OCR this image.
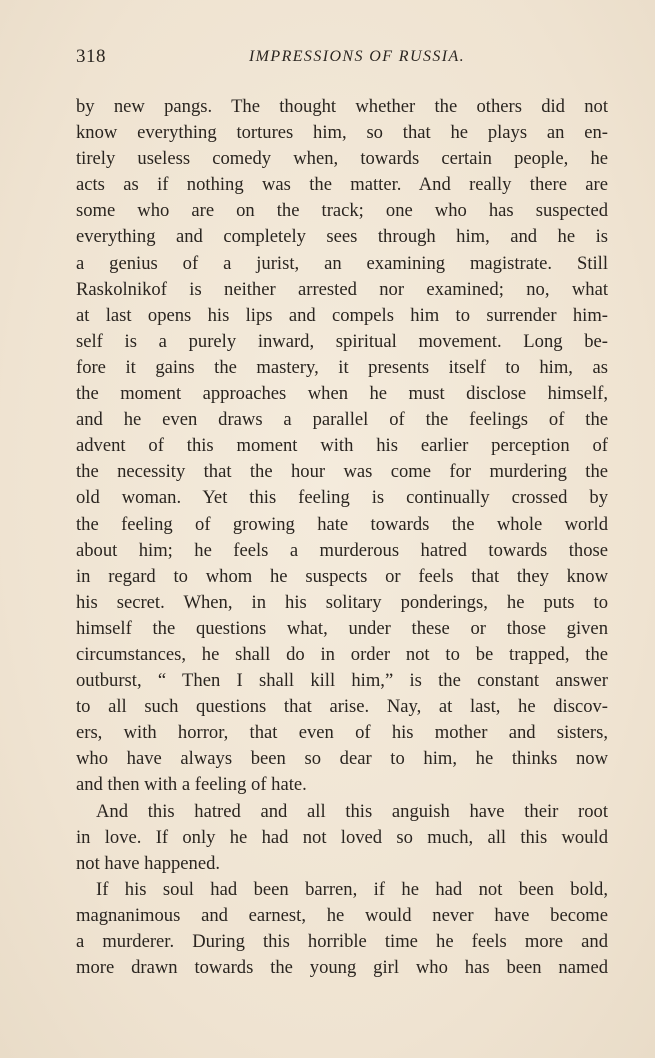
318	IMPRESSIONS OF RUSSIA.
by new pangs. The thought whether the others did not
know everything tortures him, so that he plays an en-
tirely useless comedy when, towards certain people, he
acts as if nothing was the matter. And really there are
some who are on the track; one who has suspected
everything and completely sees through him, and he is
a genius of a jurist, an examining magistrate. Still
Raskolnikof is neither arrested nor examined; no, what
at last opens his lips and compels him to surrender him-
self is a purely inward, spiritual movement. Long be-
fore it gains the mastery, it presents itself to him, as
the moment approaches when he must disclose himself,
and he even draws a parallel of the feelings of the
advent of this moment with his earlier perception of
the necessity that the hour was come for murdering the
old woman. Yet this feeling is continually crossed by
the feeling of growing hate towards the whole world
about him; he feels a murderous hatred towards those
in regard to whom he suspects or feels that they know
his secret. When, in his solitary ponderings, he puts to
himself the questions what, under these or those given
circumstances, he shall do in order not to be trapped, the
outburst, “ Then I shall kill him,” is the constant answer
to all such questions that arise. Nay, at last, he discov-
ers, with horror, that even of his mother and sisters,
who have always been so dear to him, he thinks now
and then with a feeling of hate.
And this hatred and all this anguish have their root
in love. If only he had not loved so much, all this would
not have happened.
If his soul had been barren, if he had not been bold,
magnanimous and earnest, he would never have become
a murderer. During this horrible time he feels more and
more drawn towards the young girl who has been named
